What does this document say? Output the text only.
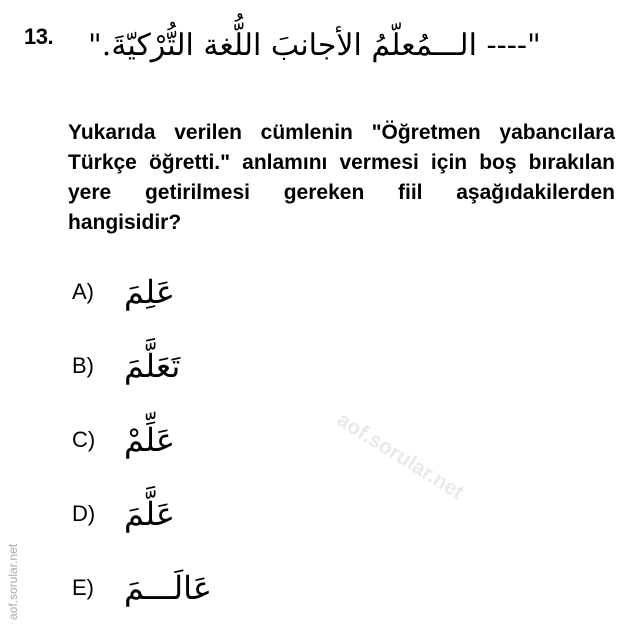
13. "---- الـــمُعلّمُ الأجانبَ اللُّغة التُّرْكيّةَ."
Yukarıda verilen cümlenin "Öğretmen yabancılara Türkçe öğretti." anlamını vermesi için boş bırakılan yere getirilmesi gereken fiil aşağıdakilerden hangisidir?
A) عَلِمَ
B) تَعَلَّمَ
C) عَلِّمْ
D) عَلَّمَ
E) عَالَـــمَ
aof.sorular.net
aof.sorular.net
